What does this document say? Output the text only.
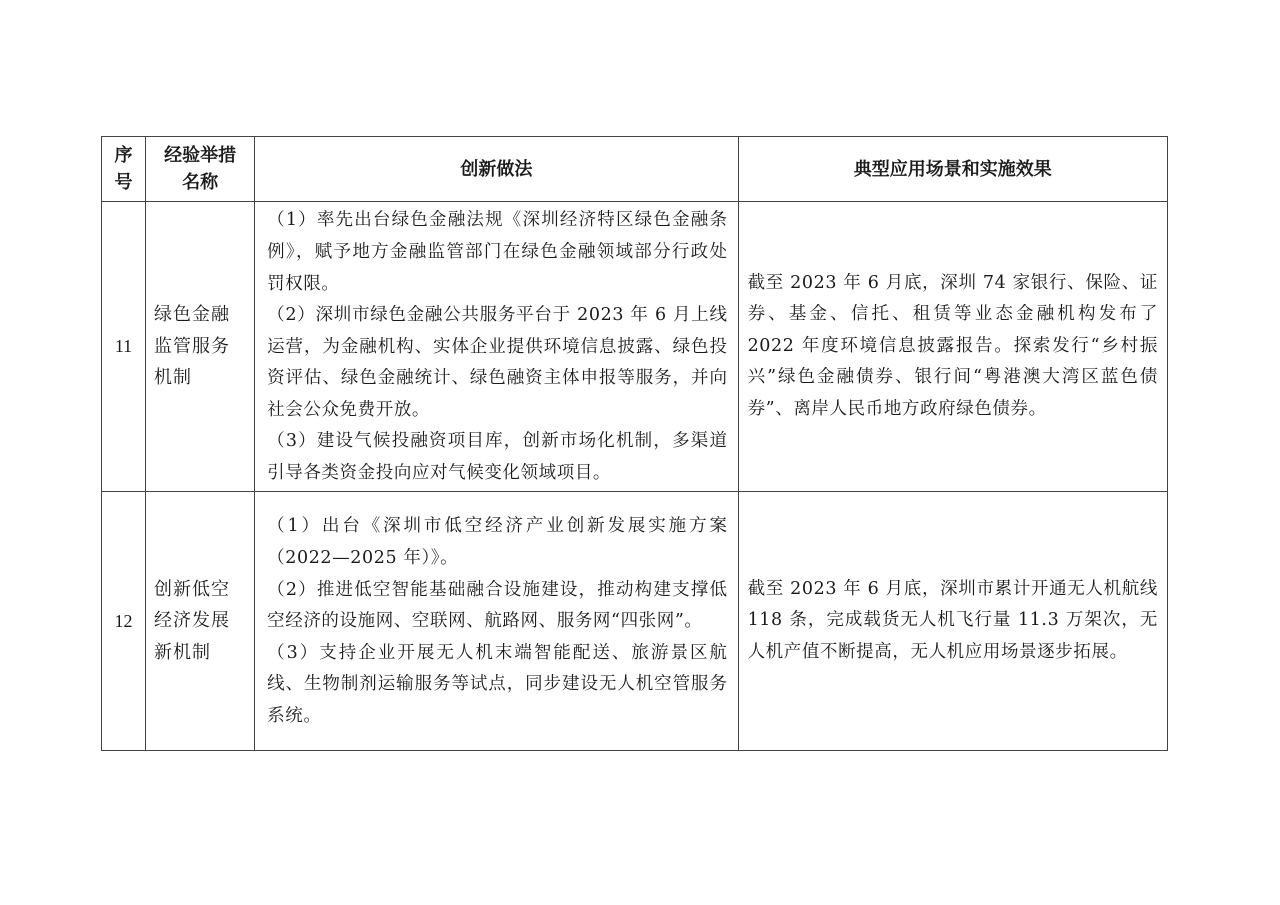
序号	经验举措
名称	创新做法	典型应用场景和实施效果
11	绿色金融
监管服务
机制	（1）率先出台绿色金融法规《深圳经济特区绿色金融条例》，赋予地方金融监管部门在绿色金融领域部分行政处罚权限。
（2）深圳市绿色金融公共服务平台于 2023 年 6 月上线运营，为金融机构、实体企业提供环境信息披露、绿色投资评估、绿色金融统计、绿色融资主体申报等服务，并向社会公众免费开放。
（3）建设气候投融资项目库，创新市场化机制，多渠道引导各类资金投向应对气候变化领域项目。	截至 2023 年 6 月底，深圳 74 家银行、保险、证券、基金、信托、租赁等业态金融机构发布了 2022 年度环境信息披露报告。探索发行“乡村振兴”绿色金融债券、银行间“粤港澳大湾区蓝色债券”、离岸人民币地方政府绿色债券。
12	创新低空
经济发展
新机制	（1）出台《深圳市低空经济产业创新发展实施方案（2022—2025 年）》。
（2）推进低空智能基础融合设施建设，推动构建支撑低空经济的设施网、空联网、航路网、服务网“四张网”。
（3）支持企业开展无人机末端智能配送、旅游景区航线、生物制剂运输服务等试点，同步建设无人机空管服务系统。	截至 2023 年 6 月底，深圳市累计开通无人机航线 118 条，完成载货无人机飞行量 11.3 万架次，无人机产值不断提高，无人机应用场景逐步拓展。
